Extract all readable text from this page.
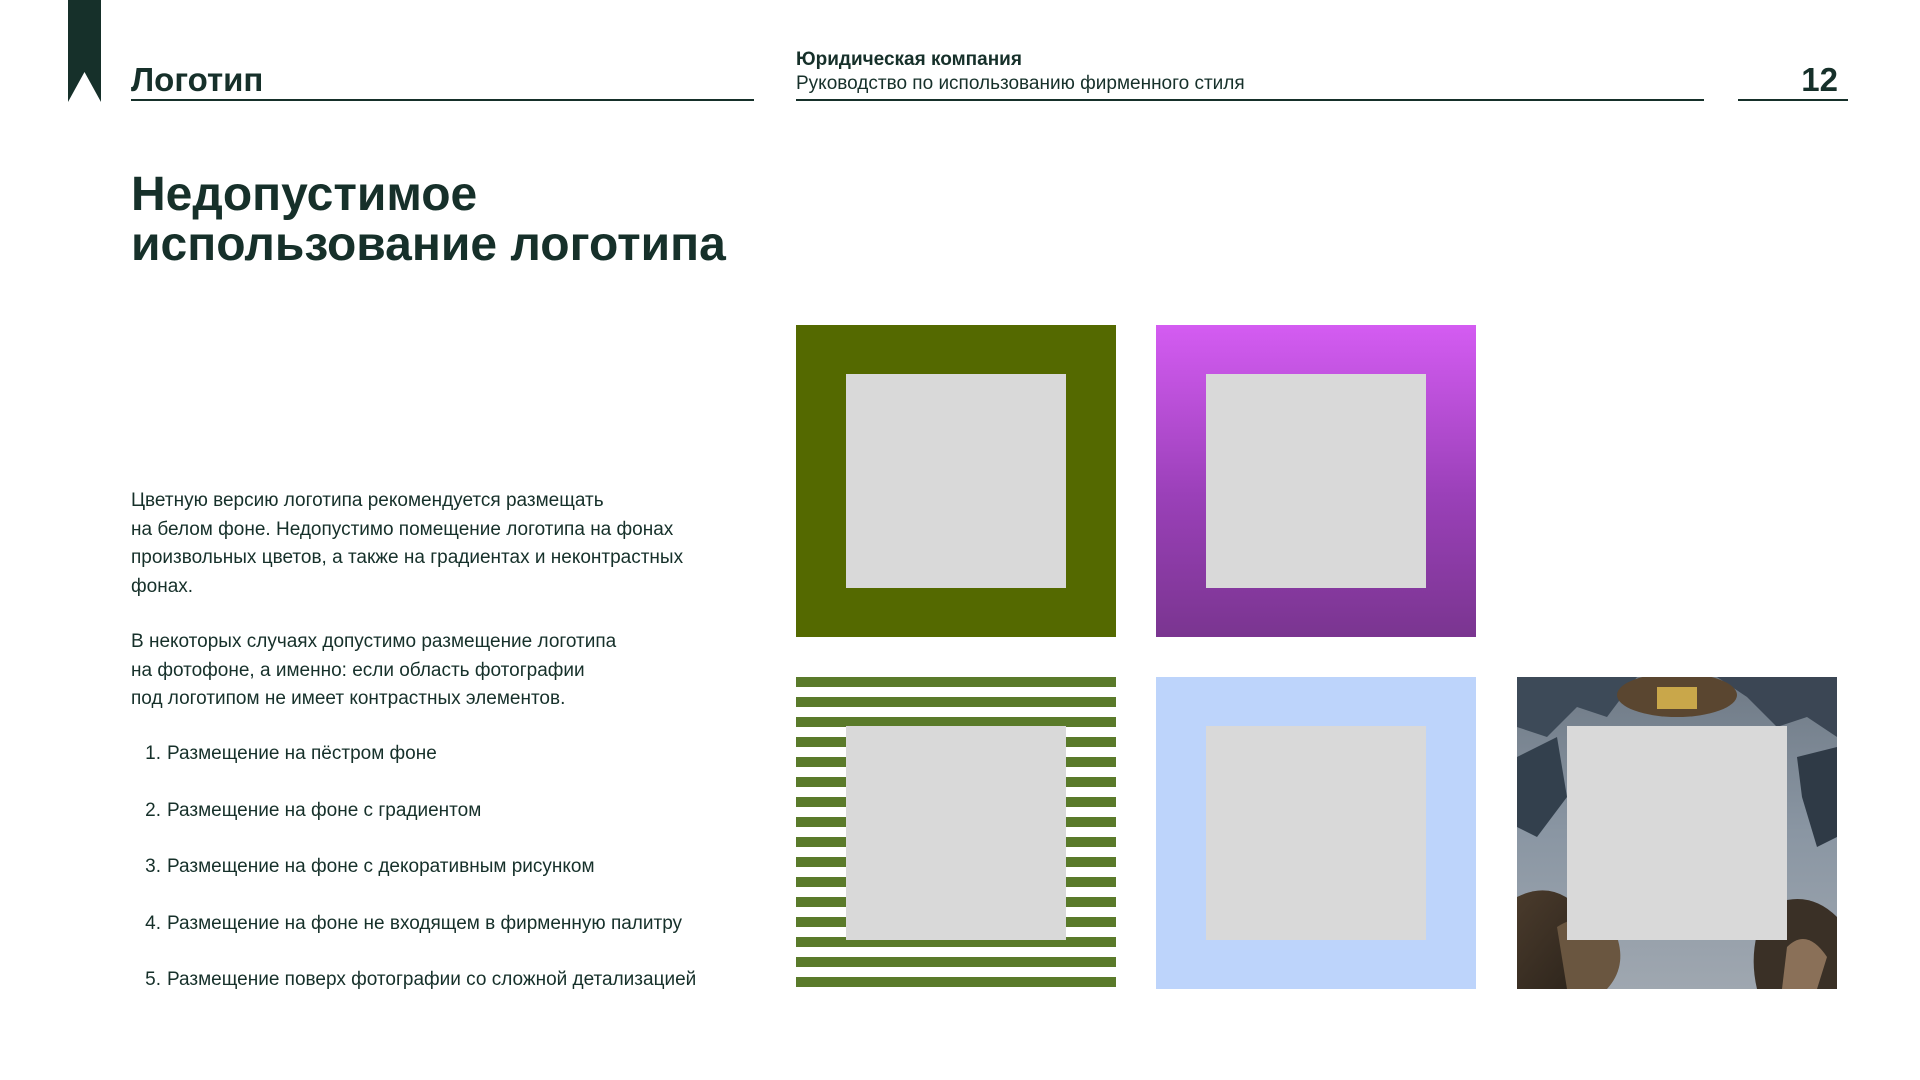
Логотип
Юридическая компания
Руководство по использованию фирменного стиля	12
Недопустимое
использование логотипа

Цветную версию логотипа рекомендуется размещать
на белом фоне. Недопустимо помещение логотипа на фонах
произвольных цветов, а также на градиентах и неконтрастных
фонах.

В некоторых случаях допустимо размещение логотипа
на фотофоне, а именно: если область фотографии
под логотипом не имеет контрастных элементов.

1. Размещение на пёстром фоне
2. Размещение на фоне с градиентом
3. Размещение на фоне с декоративным рисунком
4. Размещение на фоне не входящем в фирменную палитру
5. Размещение поверх фотографии со сложной детализацией
